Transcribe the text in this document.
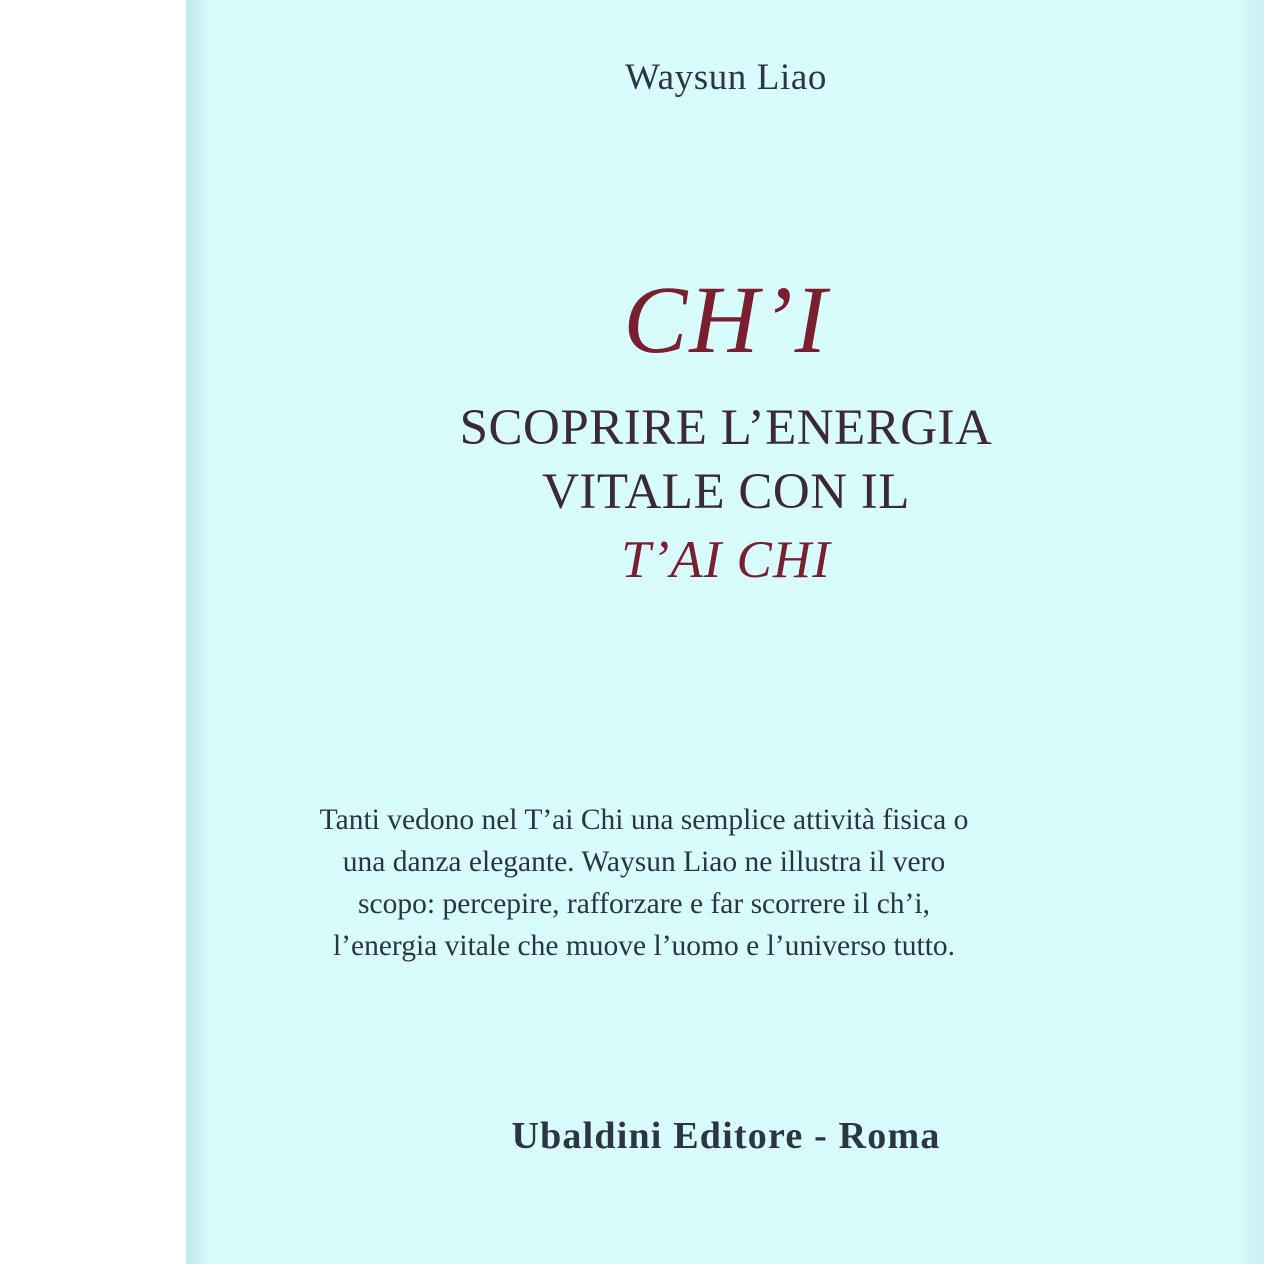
Waysun Liao
CH’I
SCOPRIRE L’ENERGIA
VITALE CON IL
T’AI CHI
Tanti vedono nel T’ai Chi una semplice attività fisica o una danza elegante. Waysun Liao ne illustra il vero scopo: percepire, rafforzare e far scorrere il ch’i, l’energia vitale che muove l’uomo e l’universo tutto.
Ubaldini Editore - Roma
